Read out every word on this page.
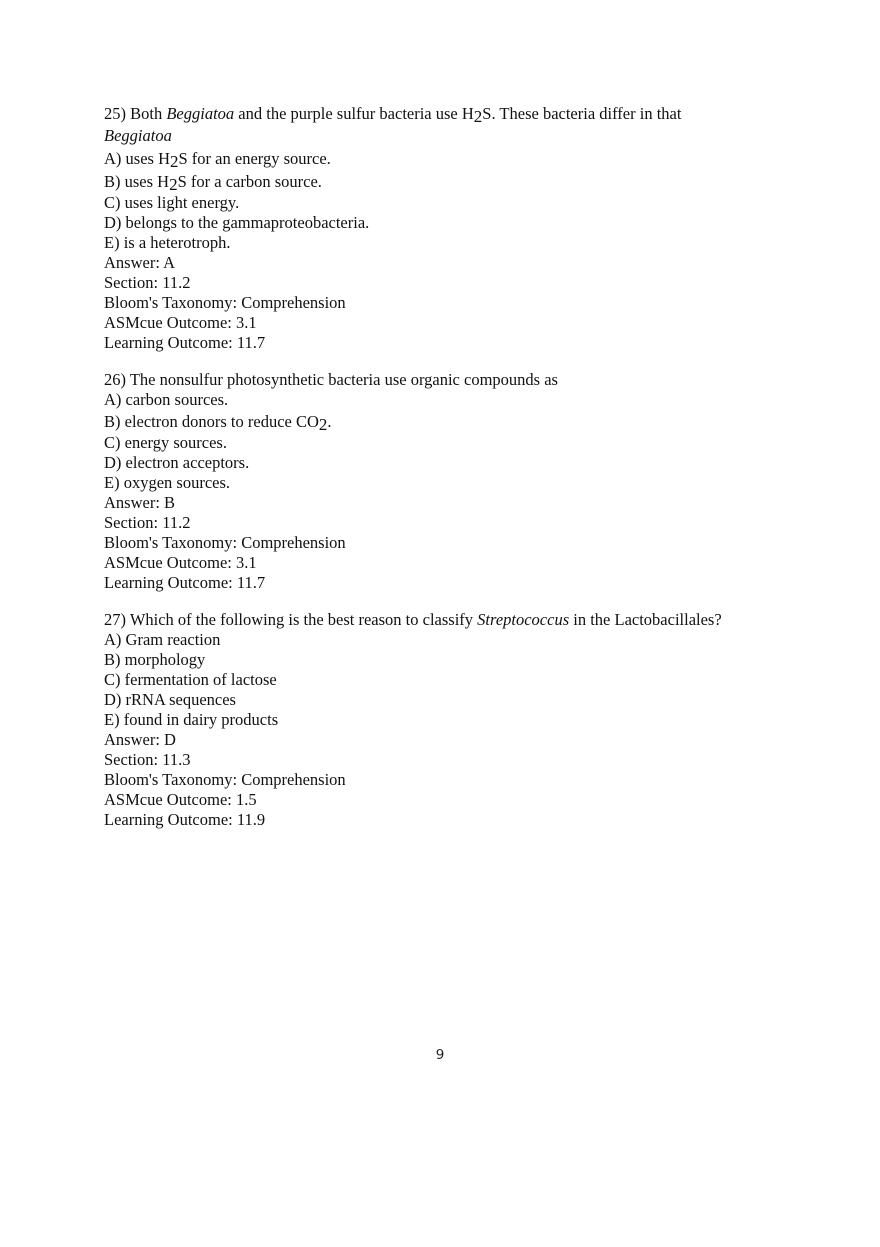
25) Both Beggiatoa and the purple sulfur bacteria use H2S. These bacteria differ in that
Beggiatoa
A) uses H2S for an energy source.
B) uses H2S for a carbon source.
C) uses light energy.
D) belongs to the gammaproteobacteria.
E) is a heterotroph.
Answer: A
Section: 11.2
Bloom's Taxonomy: Comprehension
ASMcue Outcome: 3.1
Learning Outcome: 11.7
26) The nonsulfur photosynthetic bacteria use organic compounds as
A) carbon sources.
B) electron donors to reduce CO2.
C) energy sources.
D) electron acceptors.
E) oxygen sources.
Answer: B
Section: 11.2
Bloom's Taxonomy: Comprehension
ASMcue Outcome: 3.1
Learning Outcome: 11.7
27) Which of the following is the best reason to classify Streptococcus in the Lactobacillales?
A) Gram reaction
B) morphology
C) fermentation of lactose
D) rRNA sequences
E) found in dairy products
Answer: D
Section: 11.3
Bloom's Taxonomy: Comprehension
ASMcue Outcome: 1.5
Learning Outcome: 11.9
9
